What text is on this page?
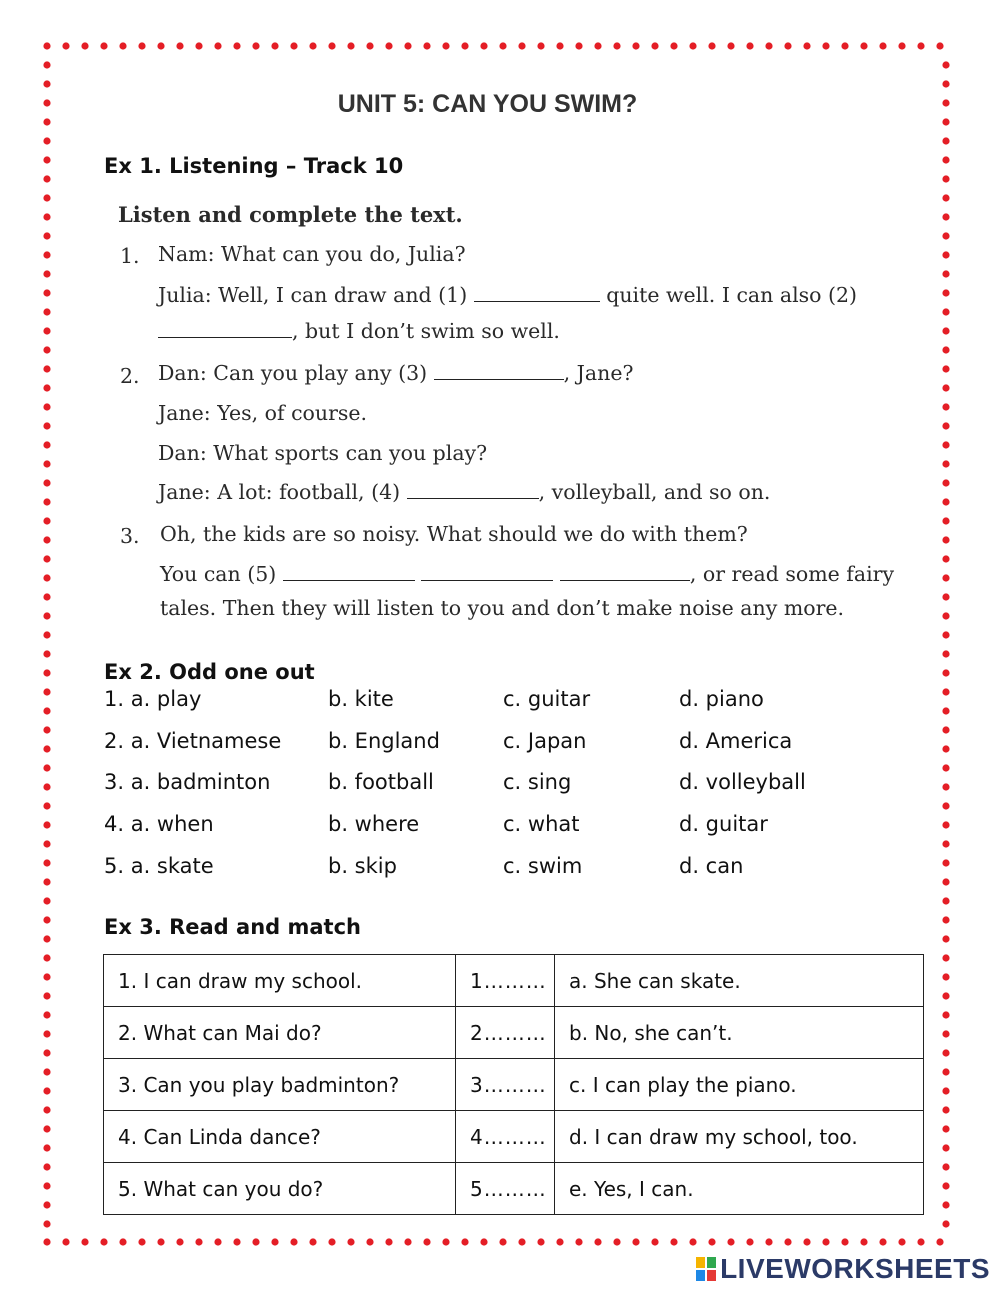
UNIT 5: CAN YOU SWIM?
Ex 1. Listening – Track 10
Listen and complete the text.
1. Nam: What can you do, Julia?
Julia: Well, I can draw and (1)	quite well. I can also (2)
, but I don’t swim so well.
2. Dan: Can you play any (3)	, Jane?
Jane: Yes, of course.
Dan: What sports can you play?
Jane: A lot: football, (4)	, volleyball, and so on.
3. Oh, the kids are so noisy. What should we do with them?
You can (5)	, or read some fairy
tales. Then they will listen to you and don’t make noise any more.
Ex 2. Odd one out
1. a. play	b. kite	c. guitar	d. piano
2. a. Vietnamese b. England	c. Japan	d. America
3. a. badminton	b. football	c. sing	d. volleyball
4. a. when	b. where	c. what	d. guitar
5. a. skate	b. skip	c. swim	d. can
Ex 3. Read and match
1. I can draw my school.	1………	a. She can skate.
2. What can Mai do?	2………	b. No, she can’t.
3. Can you play badminton?	3………	c. I can play the piano.
4. Can Linda dance?	4………	d. I can draw my school, too.
5. What can you do?	5………	e. Yes, I can.
LIVEWORKSHEETS
